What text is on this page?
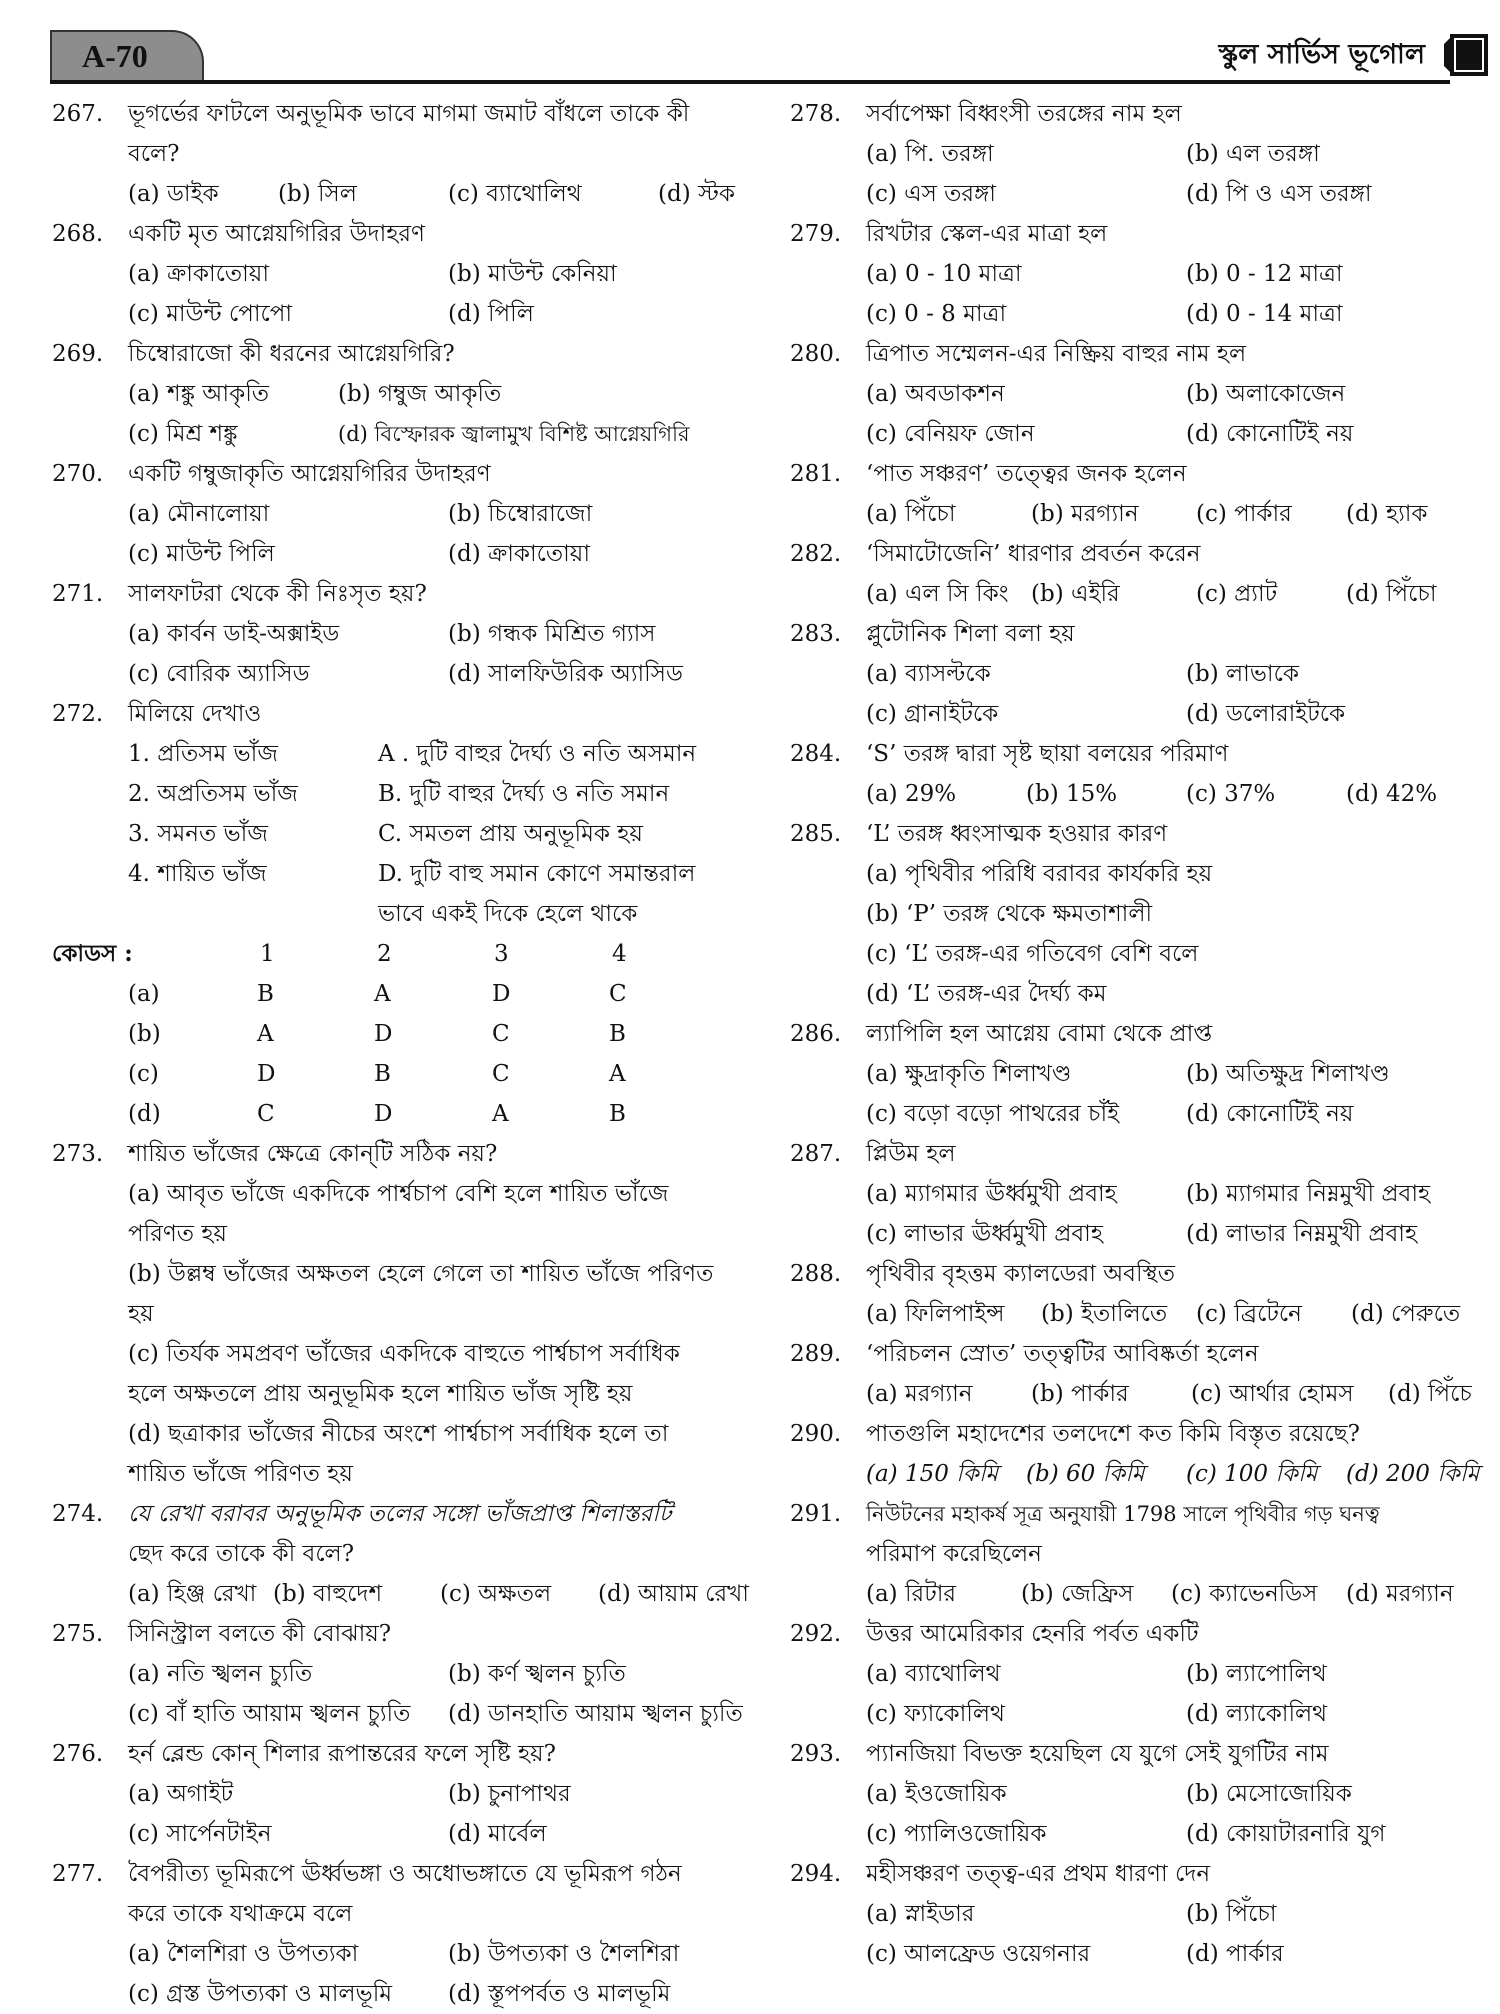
A-70	স্কুল সার্ভিস ভূগোল
267. ভূগর্ভের ফাটলে অনুভূমিক ভাবে মাগমা জমাট বাঁধলে তাকে কী
বলে?
(a) ডাইক	(b) সিল	(c) ব্যাথোলিথ	(d) স্টক
268. একটি মৃত আগ্নেয়গিরির উদাহরণ
(a) ক্রাকাতোয়া	(b) মাউন্ট কেনিয়া
(c) মাউন্ট পোপো	(d) পিলি
269. চিম্বোরাজো কী ধরনের আগ্নেয়গিরি?
(a) শঙ্কু আকৃতি	(b) গম্বুজ আকৃতি
(c) মিশ্র শঙ্কু	(d) বিস্ফোরক জ্বালামুখ বিশিষ্ট আগ্নেয়গিরি
270. একটি গম্বুজাকৃতি আগ্নেয়গিরির উদাহরণ
(a) মৌনালোয়া	(b) চিম্বোরাজো
(c) মাউন্ট পিলি	(d) ক্রাকাতোয়া
271. সালফাটরা থেকে কী নিঃসৃত হয়?
(a) কার্বন ডাই-অক্সাইড	(b) গন্ধক মিশ্রিত গ্যাস
(c) বোরিক অ্যাসিড	(d) সালফিউরিক অ্যাসিড
272. মিলিয়ে দেখাও
1. প্রতিসম ভাঁজ	A . দুটি বাহুর দৈর্ঘ্য ও নতি অসমান
2. অপ্রতিসম ভাঁজ	B. দুটি বাহুর দৈর্ঘ্য ও নতি সমান
3. সমনত ভাঁজ	C. সমতল প্রায় অনুভূমিক হয়
4. শায়িত ভাঁজ	D. দুটি বাহু সমান কোণে সমান্তরাল
ভাবে একই দিকে হেলে থাকে
কোডস :	1	2	3	4
(a)	B	A	D	C
(b)	A	D	C	B
(c)	D	B	C	A
(d)	C	D	A	B
273. শায়িত ভাঁজের ক্ষেত্রে কোন্‌টি সঠিক নয়?
(a) আবৃত ভাঁজে একদিকে পার্শ্বচাপ বেশি হলে শায়িত ভাঁজে
পরিণত হয়
(b) উল্লম্ব ভাঁজের অক্ষতল হেলে গেলে তা শায়িত ভাঁজে পরিণত
হয়
(c) তির্যক সমপ্রবণ ভাঁজের একদিকে বাহুতে পার্শ্বচাপ সর্বাধিক
হলে অক্ষতলে প্রায় অনুভূমিক হলে শায়িত ভাঁজ সৃষ্টি হয়
(d) ছত্রাকার ভাঁজের নীচের অংশে পার্শ্বচাপ সর্বাধিক হলে তা
শায়িত ভাঁজে পরিণত হয়
274. যে রেখা বরাবর অনুভূমিক তলের সঙ্গো ভাঁজপ্রাপ্ত শিলাস্তরটি
ছেদ করে তাকে কী বলে?
(a) হিঞ্জ রেখা (b) বাহুদেশ	(c) অক্ষতল (d) আয়াম রেখা
275. সিনিস্ট্রাল বলতে কী বোঝায়?
(a) নতি স্খলন চ্যুতি	(b) কর্ণ স্খলন চ্যুতি
(c) বাঁ হাতি আয়াম স্খলন চ্যুতি (d) ডানহাতি আয়াম স্খলন চ্যুতি
276. হর্ন ব্লেন্ড কোন্‌ শিলার রূপান্তরের ফলে সৃষ্টি হয়?
(a) অগাইট	(b) চুনাপাথর
(c) সার্পেনটাইন	(d) মার্বেল
277. বৈপরীত্য ভূমিরূপে ঊর্ধ্বভঙ্গা ও অধোভঙ্গাতে যে ভূমিরূপ গঠন
করে তাকে যথাক্রমে বলে
(a) শৈলশিরা ও উপত্যকা	(b) উপত্যকা ও শৈলশিরা
(c) গ্রস্ত উপত্যকা ও মালভূমি (d) স্তূপপর্বত ও মালভূমি
278. সর্বাপেক্ষা বিধ্বংসী তরঙ্গের নাম হল
(a) পি. তরঙ্গা	(b) এল তরঙ্গা
(c) এস তরঙ্গা	(d) পি ও এস তরঙ্গা
279. রিখটার স্কেল-এর মাত্রা হল
(a) 0 - 10 মাত্রা	(b) 0 - 12 মাত্রা
(c) 0 - 8 মাত্রা	(d) 0 - 14 মাত্রা
280. ত্রিপাত সম্মেলন-এর নিষ্ক্রিয় বাহুর নাম হল
(a) অবডাকশন	(b) অলাকোজেন
(c) বেনিয়ফ জোন	(d) কোনোটিই নয়
281. ‘পাত সঞ্চরণ’ তত্ত্বের জনক হলেন
(a) পিঁচো	(b) মরগ্যান (c) পার্কার (d) হ্যাক
282. ‘সিমাটোজেনি’ ধারণার প্রবর্তন করেন
(a) এল সি কিং (b) এইরি	(c) প্র্যাট	(d) পিঁচো
283. প্লুটোনিক শিলা বলা হয়
(a) ব্যাসল্টকে	(b) লাভাকে
(c) গ্রানাইটকে	(d) ডলোরাইটকে
284. ‘S’ তরঙ্গ দ্বারা সৃষ্ট ছায়া বলয়ের পরিমাণ
(a) 29%	(b) 15%	(c) 37%	(d) 42%
285. ‘L’ তরঙ্গ ধ্বংসাত্মক হওয়ার কারণ
(a) পৃথিবীর পরিধি বরাবর কার্যকরি হয়
(b) ‘P’ তরঙ্গ থেকে ক্ষমতাশালী
(c) ‘L’ তরঙ্গ-এর গতিবেগ বেশি বলে
(d) ‘L’ তরঙ্গ-এর দৈর্ঘ্য কম
286. ল্যাপিলি হল আগ্নেয় বোমা থেকে প্রাপ্ত
(a) ক্ষুদ্রাকৃতি শিলাখণ্ড	(b) অতিক্ষুদ্র শিলাখণ্ড
(c) বড়ো বড়ো পাথরের চাঁই	(d) কোনোটিই নয়
287. প্লিউম হল
(a) ম্যাগমার ঊর্ধ্বমুখী প্রবাহ	(b) ম্যাগমার নিম্নমুখী প্রবাহ
(c) লাভার ঊর্ধ্বমুখী প্রবাহ	(d) লাভার নিম্নমুখী প্রবাহ
288. পৃথিবীর বৃহত্তম ক্যালডেরা অবস্থিত
(a) ফিলিপাইন্স (b) ইতালিতে (c) ব্রিটেনে (d) পেরুতে
289. ‘পরিচলন স্রোত’ তত্ত্বটির আবিষ্কর্তা হলেন
(a) মরগ্যান	(b) পার্কার	(c) আর্থার হোমস (d) পিঁচে
290. পাতগুলি মহাদেশের তলদেশে কত কিমি বিস্তৃত রয়েছে?
(a) 150 কিমি (b) 60 কিমি (c) 100 কিমি (d) 200 কিমি
291. নিউটনের মহাকর্ষ সূত্র অনুযায়ী 1798 সালে পৃথিবীর গড় ঘনত্ব
পরিমাপ করেছিলেন
(a) রিটার	(b) জেফ্রিস (c) ক্যাভেনডিস (d) মরগ্যান
292. উত্তর আমেরিকার হেনরি পর্বত একটি
(a) ব্যাথোলিথ	(b) ল্যাপোলিথ
(c) ফ্যাকোলিথ	(d) ল্যাকোলিথ
293. প্যানজিয়া বিভক্ত হয়েছিল যে যুগে সেই যুগটির নাম
(a) ইওজোয়িক	(b) মেসোজোয়িক
(c) প্যালিওজোয়িক	(d) কোয়াটারনারি যুগ
294. মহীসঞ্চরণ তত্ত্ব-এর প্রথম ধারণা দেন
(a) স্নাইডার	(b) পিঁচো
(c) আলফ্রেড ওয়েগনার	(d) পার্কার
